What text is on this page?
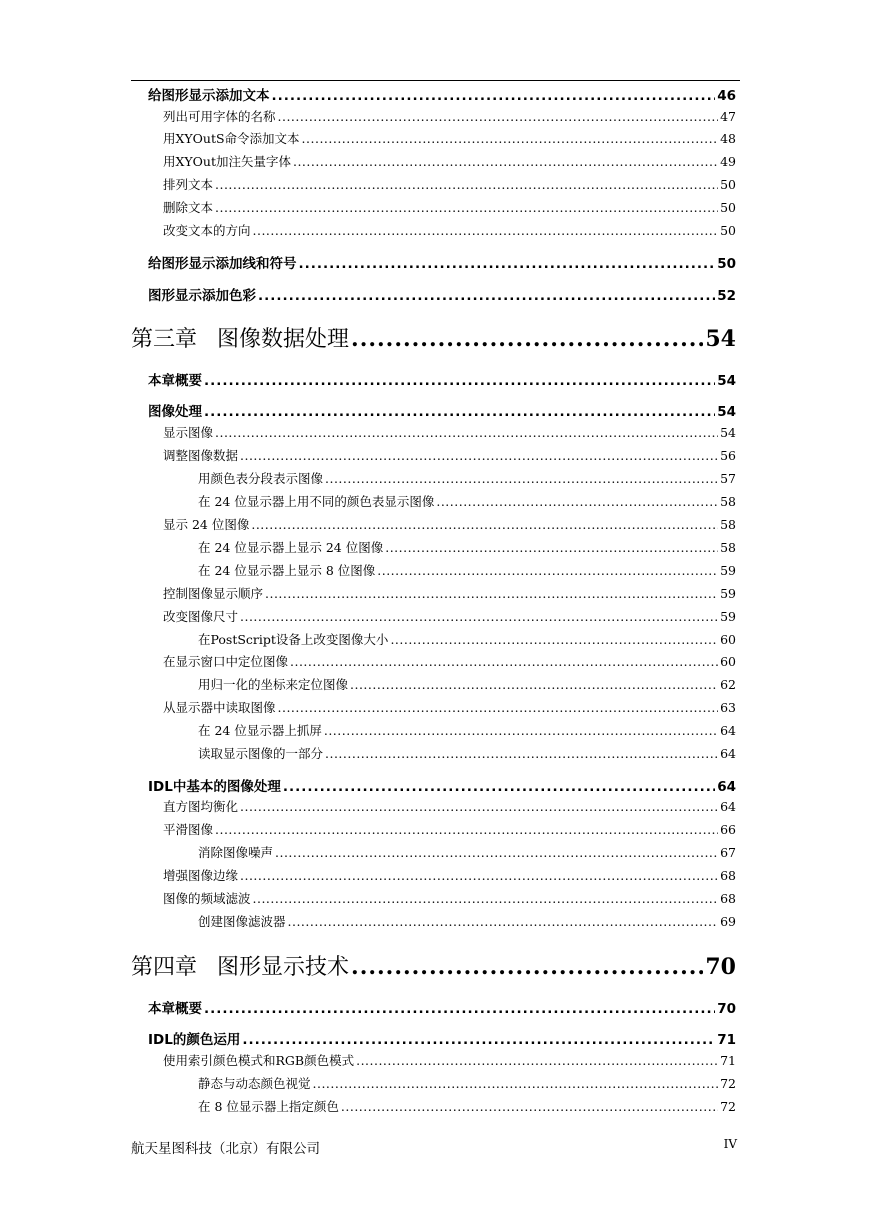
给图形显示添加文本 .....	46
列出可用字体的名称 .....	47
用XYOutS命令添加文本 .....	48
用XYOut加注矢量字体 .....	49
排列文本 .....	50
删除文本 .....	50
改变文本的方向 .....	50
给图形显示添加线和符号 .....	50
图形显示添加色彩 .....	52
第三章 图像数据处理 .....	54
本章概要 .....	54
图像处理 .....	54
显示图像 .....	54
调整图像数据 .....	56
用颜色表分段表示图像 .....	57
在 24 位显示器上用不同的颜色表显示图像 .....	58
显示 24 位图像 .....	58
在 24 位显示器上显示 24 位图像 .....	58
在 24 位显示器上显示 8 位图像 .....	59
控制图像显示顺序 .....	59
改变图像尺寸 .....	59
在PostScript设备上改变图像大小 .....	60
在显示窗口中定位图像 .....	60
用归一化的坐标来定位图像 .....	62
从显示器中读取图像 .....	63
在 24 位显示器上抓屏 .....	64
读取显示图像的一部分 .....	64
IDL中基本的图像处理 .....	64
直方图均衡化 .....	64
平滑图像 .....	66
消除图像噪声 .....	67
增强图像边缘 .....	68
图像的频域滤波 .....	68
创建图像滤波器 .....	69
第四章 图形显示技术 .....	70
本章概要 .....	70
IDL的颜色运用 .....	71
使用索引颜色模式和RGB颜色模式 .....	71
静态与动态颜色视觉 .....	72
在 8 位显示器上指定颜色 .....	72
航天星图科技（北京）有限公司	IV
